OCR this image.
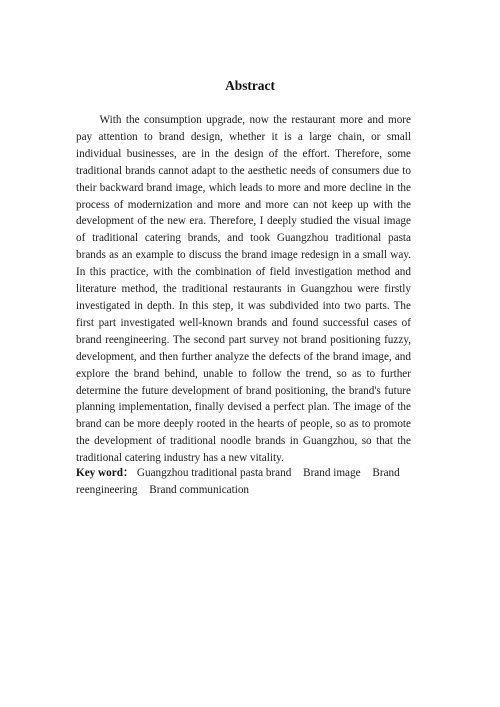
Abstract

With the consumption upgrade, now the restaurant more and more pay attention to brand design, whether it is a large chain, or small individual businesses, are in the design of the effort. Therefore, some traditional brands cannot adapt to the aesthetic needs of consumers due to their backward brand image, which leads to more and more decline in the process of modernization and more and more can not keep up with the development of the new era. Therefore, I deeply studied the visual image of traditional catering brands, and took Guangzhou traditional pasta brands as an example to discuss the brand image redesign in a small way. In this practice, with the combination of field investigation method and literature method, the traditional restaurants in Guangzhou were firstly investigated in depth. In this step, it was subdivided into two parts. The first part investigated well-known brands and found successful cases of brand reengineering. The second part survey not brand positioning fuzzy, development, and then further analyze the defects of the brand image, and explore the brand behind, unable to follow the trend, so as to further determine the future development of brand positioning, the brand's future planning implementation, finally devised a perfect plan. The image of the brand can be more deeply rooted in the hearts of people, so as to promote the development of traditional noodle brands in Guangzhou, so that the traditional catering industry has a new vitality.

Key word： Guangzhou traditional pasta brand Brand image Brand reengineering Brand communication
